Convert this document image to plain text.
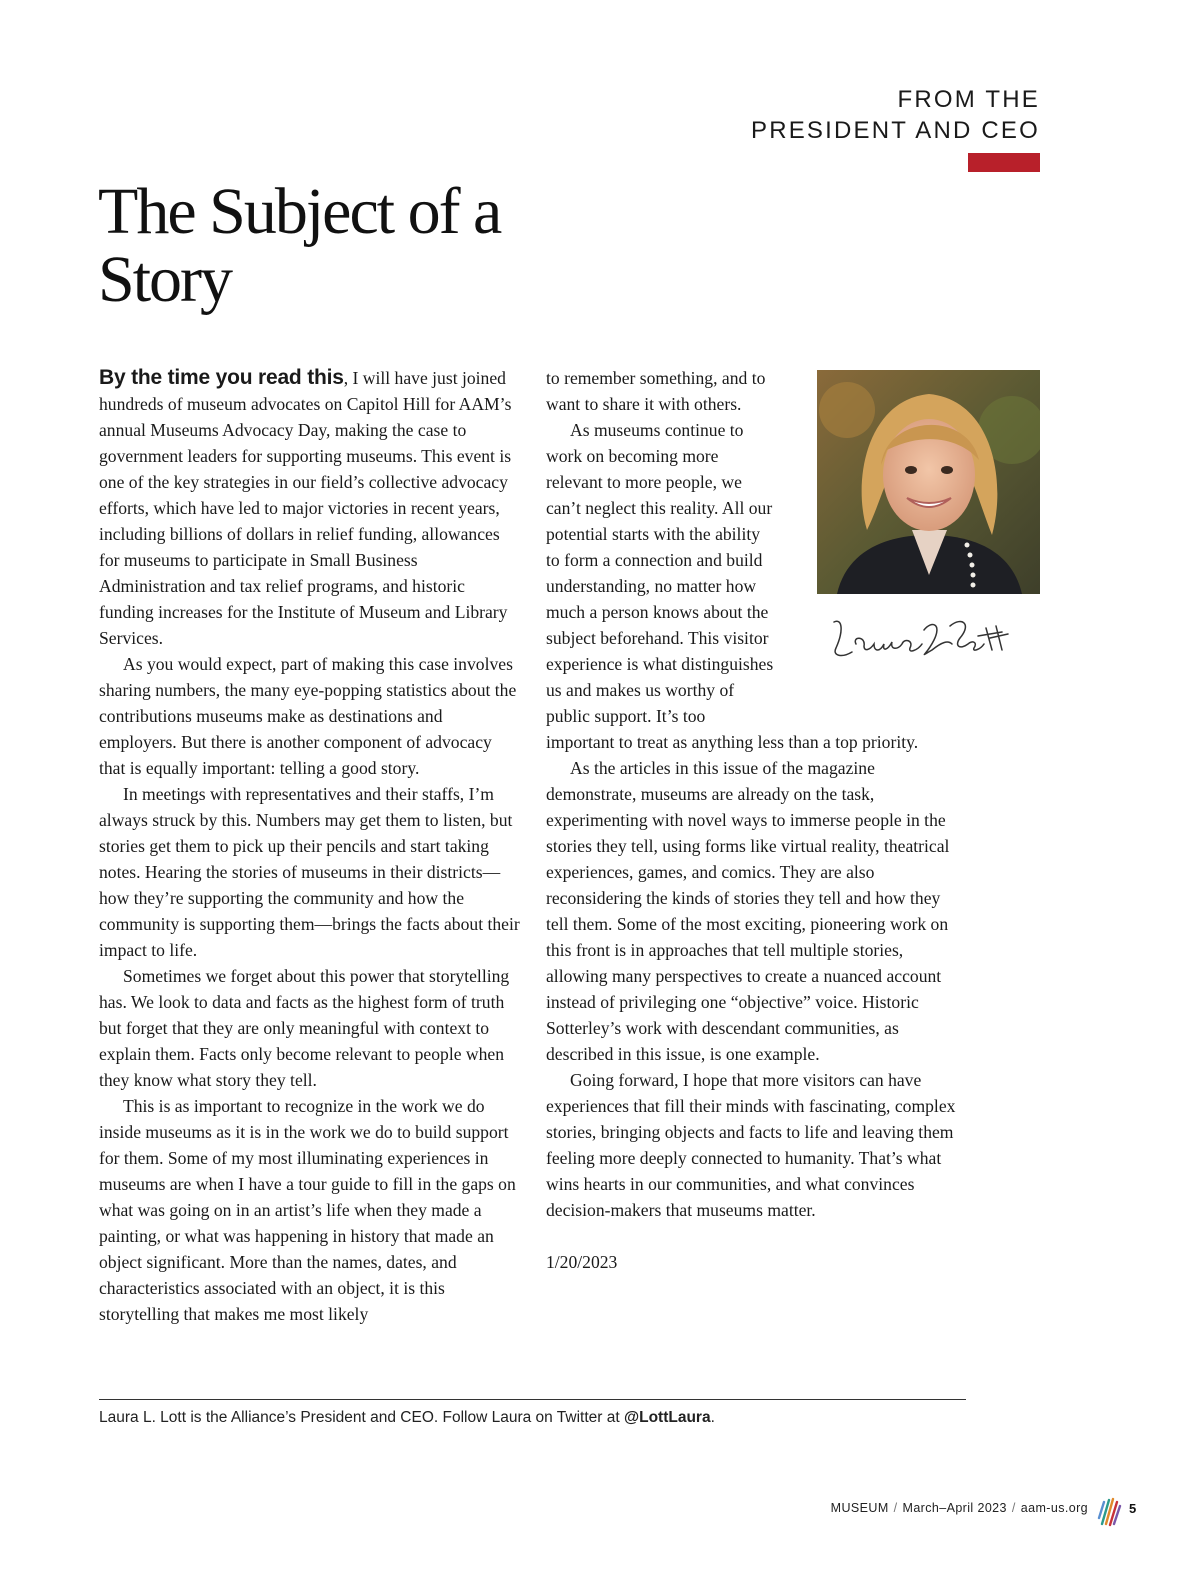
FROM THE
PRESIDENT AND CEO
The Subject of a Story

By the time you read this, I will have just joined hundreds of museum advocates on Capitol Hill for AAM’s annual Museums Advocacy Day, making the case to government leaders for supporting museums. This event is one of the key strategies in our field’s collective advocacy efforts, which have led to major victories in recent years, including billions of dollars in relief funding, allowances for museums to participate in Small Business Administration and tax relief programs, and historic funding increases for the Institute of Museum and Library Services.

As you would expect, part of making this case involves sharing numbers, the many eye-popping statistics about the contributions museums make as destinations and employers. But there is another component of advocacy that is equally important: telling a good story.

In meetings with representatives and their staffs, I’m always struck by this. Numbers may get them to listen, but stories get them to pick up their pencils and start taking notes. Hearing the stories of museums in their districts—how they’re supporting the community and how the community is supporting them—brings the facts about their impact to life.

Sometimes we forget about this power that storytelling has. We look to data and facts as the highest form of truth but forget that they are only meaningful with context to explain them. Facts only become relevant to people when they know what story they tell.

This is as important to recognize in the work we do inside museums as it is in the work we do to build support for them. Some of my most illuminating experiences in museums are when I have a tour guide to fill in the gaps on what was going on in an artist’s life when they made a painting, or what was happening in history that made an object significant. More than the names, dates, and characteristics associated with an object, it is this storytelling that makes me most likely

to remember something, and to want to share it with others.

As museums continue to work on becoming more relevant to more people, we can’t neglect this reality. All our potential starts with the ability to form a connection and build understanding, no matter how much a person knows about the subject beforehand. This visitor experience is what distinguishes us and makes us worthy of public support. It’s too important to treat as anything less than a top priority.

As the articles in this issue of the magazine demonstrate, museums are already on the task, experimenting with novel ways to immerse people in the stories they tell, using forms like virtual reality, theatrical experiences, games, and comics. They are also reconsidering the kinds of stories they tell and how they tell them. Some of the most exciting, pioneering work on this front is in approaches that tell multiple stories, allowing many perspectives to create a nuanced account instead of privileging one “objective” voice. Historic Sotterley’s work with descendant communities, as described in this issue, is one example.

Going forward, I hope that more visitors can have experiences that fill their minds with fascinating, complex stories, bringing objects and facts to life and leaving them feeling more deeply connected to humanity. That’s what wins hearts in our communities, and what convinces decision-makers that museums matter.

1/20/2023

Laura L. Lott is the Alliance’s President and CEO. Follow Laura on Twitter at @LottLaura.

MUSEUM / March–April 2023 / aam-us.org	5
